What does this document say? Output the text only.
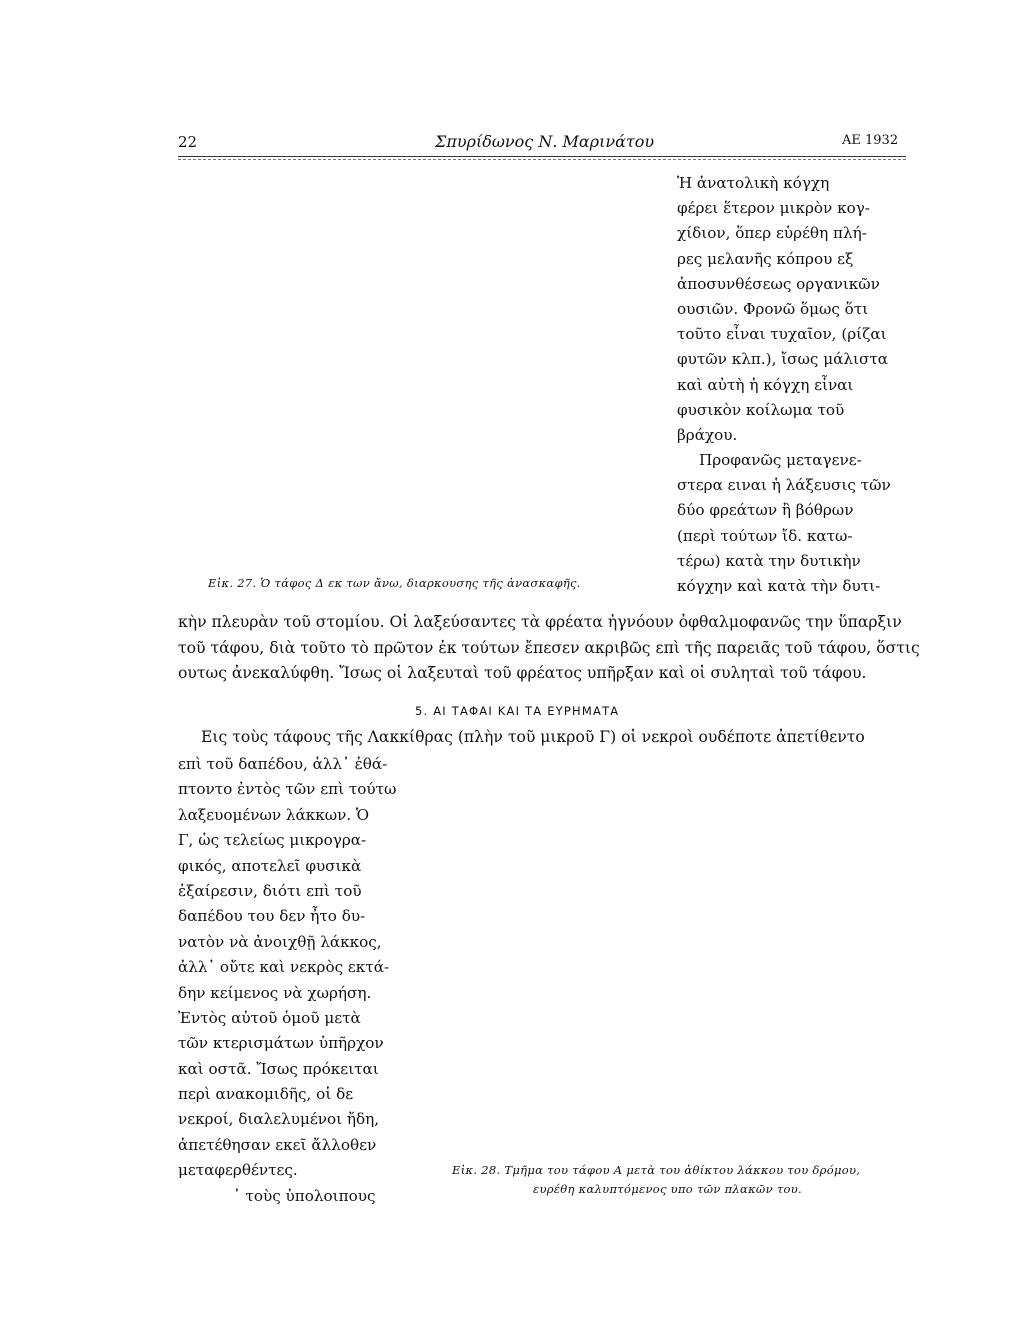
22	Σπυρίδωνος Ν. Μαρινάτου	ΑΕ 1932
Ἡ ἀνατολικὴ κόγχη
φέρει ἕτερον μικρὸν κογ-
χίδιον, ὅπερ εὑρέθη πλή-
ρες μελανῆς κόπρου εξ
ἀποσυνθέσεως οργανικῶν
ουσιῶν. Φρονῶ ὅμως ὅτι
τοῦτο εἶναι τυχαῖον, (ρίζαι
φυτῶν κλπ.), ἴσως μάλιστα
καὶ αὐτὴ ἡ κόγχη εἶναι
φυσικὸν κοίλωμα τοῦ
βράχου.
Προφανῶς μεταγενε-
στερα ειναι ἡ λάξευσις τῶν
δύο φρεάτων ἢ βόθρων
(περὶ τούτων ἴδ. κατω-
τέρω) κατὰ την δυτικὴν
κόγχην καὶ κατὰ τὴν δυτι-
Εἰκ. 27. Ὁ τάφος Δ εκ των ἄνω, διαρκουσης τῆς ἀνασκαφῆς.
κὴν πλευρὰν τοῦ στομίου. Οἱ λαξεύσαντες τὰ φρέατα ἠγνόουν ὀφθαλμοφανῶς την ὕπαρξιν
τοῦ τάφου, διὰ τοῦτο τὸ πρῶτον ἐκ τούτων ἔπεσεν ακριβῶς επὶ τῆς παρειᾶς τοῦ τάφου, ὅστις
ουτως ἀνεκαλύφθη. Ἴσως οἱ λαξευταὶ τοῦ φρέατος υπῆρξαν καὶ οἱ συληταὶ τοῦ τάφου.
5. ΑΙ ΤΑΦΑΙ ΚΑΙ ΤΑ ΕΥΡΗΜΑΤΑ
Εις τοὺς τάφους τῆς Λακκίθρας (πλὴν τοῦ μικροῦ Γ) οἱ νεκροὶ ουδέποτε ἀπετίθεντο
επὶ τοῦ δαπέδου, ἀλλ᾽ ἐθά-
πτοντο ἐντὸς τῶν επὶ τούτω
λαξευομένων λάκκων. Ὁ
Γ, ὡς τελείως μικρογρα-
φικός, αποτελεῖ φυσικὰ
ἐξαίρεσιν, διότι επὶ τοῦ
δαπέδου του δεν ἦτο δυ-
νατὸν νὰ ἀνοιχθῇ λάκκος,
ἀλλ᾽ οὔτε καὶ νεκρὸς εκτά-
δην κείμενος νὰ χωρήση.
Ἐντὸς αὐτοῦ ὁμοῦ μετὰ
τῶν κτερισμάτων ὑπῆρχον
καὶ οστᾶ. Ἴσως πρόκειται
περὶ ανακομιδῆς, οἱ δε
νεκροί, διαλελυμένοι ἤδη,
ἀπετέθησαν εκεῖ ἄλλοθεν
μεταφερθέντες.
᾽ τοὺς ὑπολοιπους
Εἰκ. 28. Τμῆμα του τάφου Α μετὰ του ἀθίκτου λάκκου του δρόμου,
ευρέθη καλυπτόμενος υπο τῶν πλακῶν του.
